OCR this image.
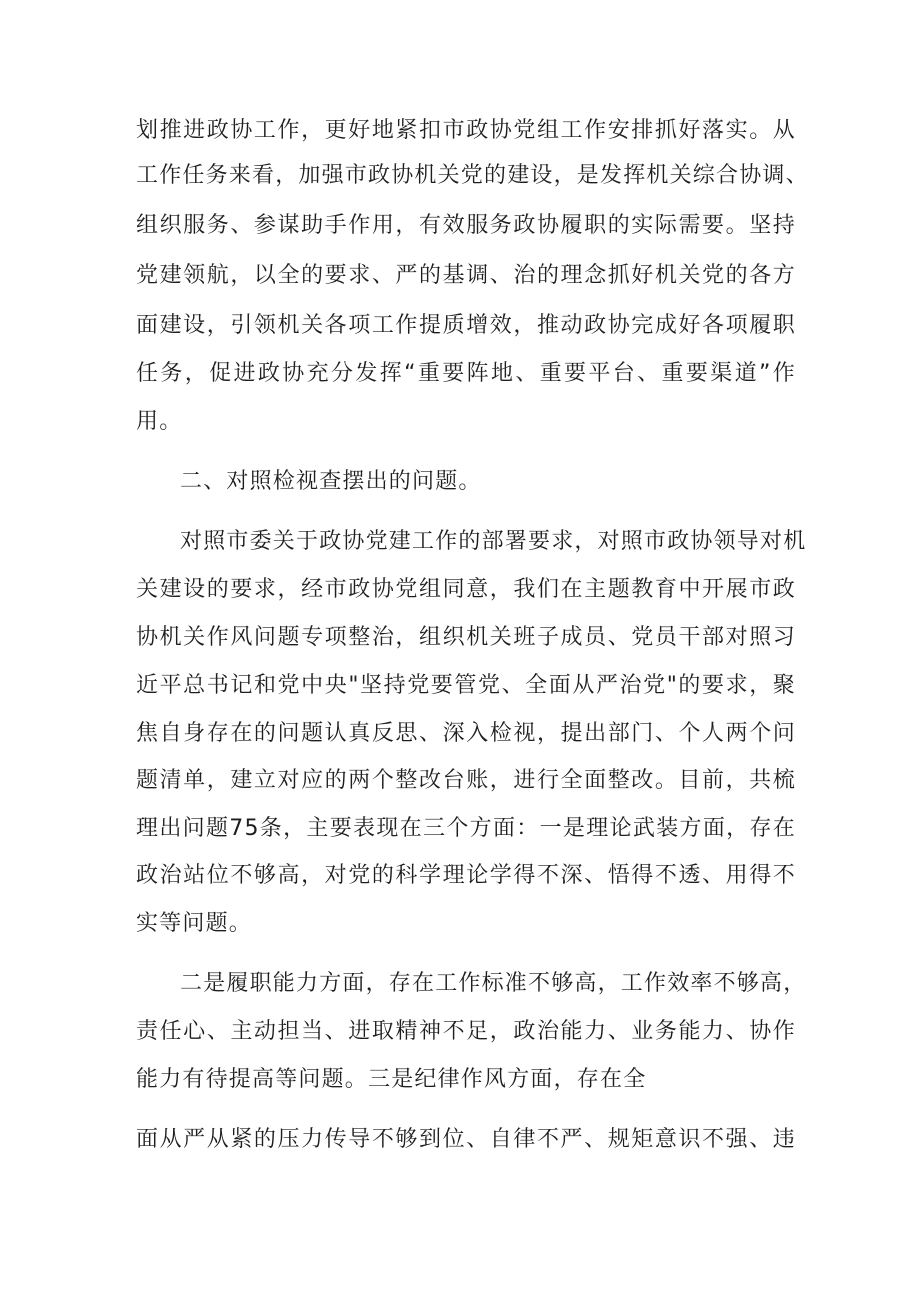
划推进政协工作，更好地紧扣市政协党组工作安排抓好落实。从
工作任务来看，加强市政协机关党的建设，是发挥机关综合协调、
组织服务、参谋助手作用，有效服务政协履职的实际需要。坚持
党建领航，以全的要求、严的基调、治的理念抓好机关党的各方
面建设，引领机关各项工作提质增效，推动政协完成好各项履职
任务，促进政协充分发挥“重要阵地、重要平台、重要渠道”作
用。
二、对照检视查摆出的问题。
对照市委关于政协党建工作的部署要求，对照市政协领导对机
关建设的要求，经市政协党组同意，我们在主题教育中开展市政
协机关作风问题专项整治，组织机关班子成员、党员干部对照习
近平总书记和党中央"坚持党要管党、全面从严治党"的要求，聚
焦自身存在的问题认真反思、深入检视，提出部门、个人两个问
题清单，建立对应的两个整改台账，进行全面整改。目前，共梳
理出问题75条，主要表现在三个方面：一是理论武装方面，存在
政治站位不够高，对党的科学理论学得不深、悟得不透、用得不
实等问题。
二是履职能力方面，存在工作标准不够高，工作效率不够高，
责任心、主动担当、进取精神不足，政治能力、业务能力、协作
能力有待提高等问题。三是纪律作风方面，存在全
面从严从紧的压力传导不够到位、自律不严、规矩意识不强、违
